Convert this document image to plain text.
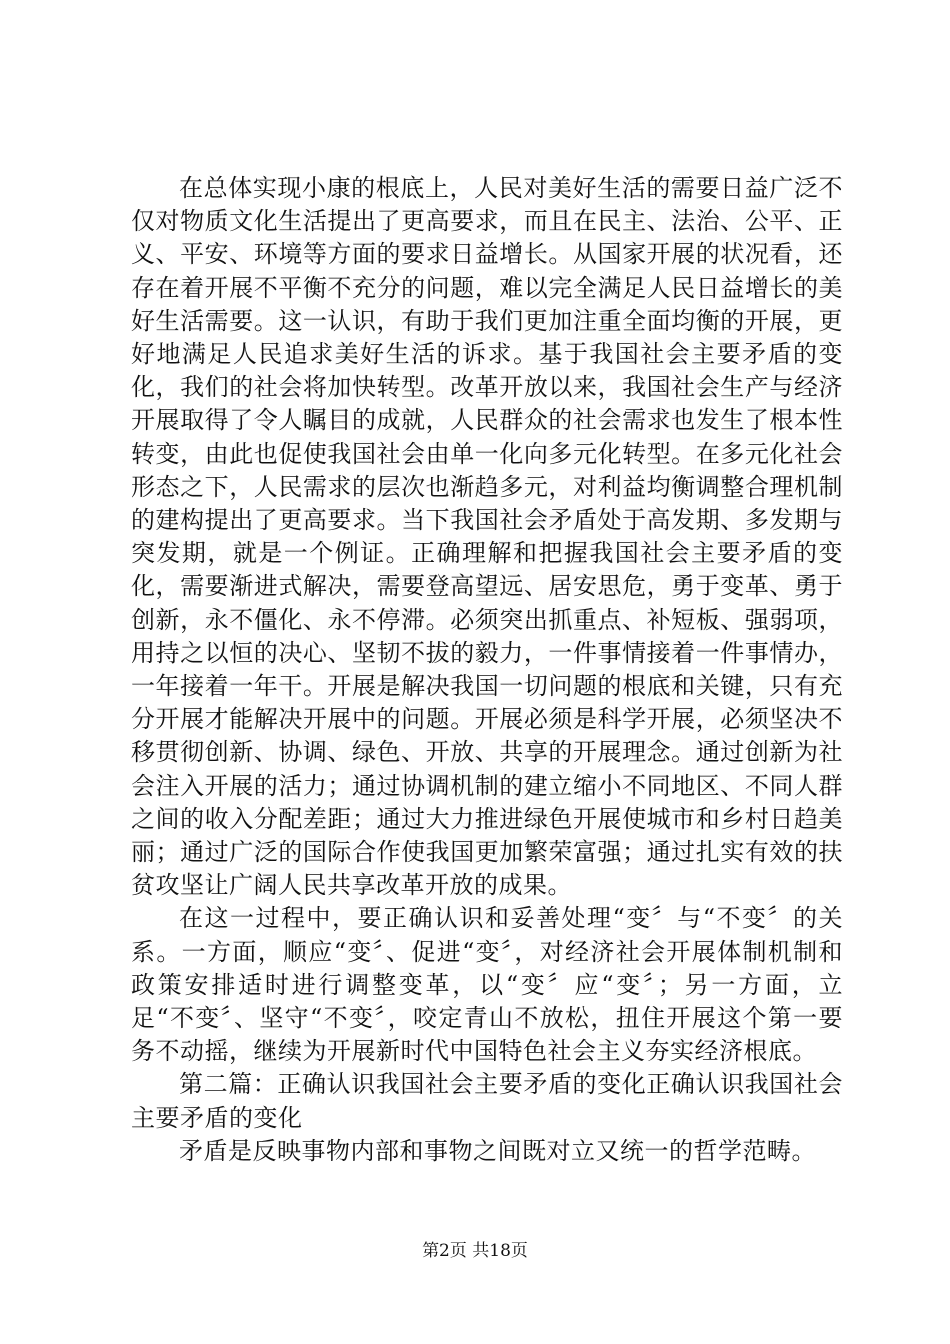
在总体实现小康的根底上，人民对美好生活的需要日益广泛不仅对物质文化生活提出了更高要求，而且在民主、法治、公平、正义、平安、环境等方面的要求日益增长。从国家开展的状况看，还存在着开展不平衡不充分的问题，难以完全满足人民日益增长的美好生活需要。这一认识，有助于我们更加注重全面均衡的开展，更好地满足人民追求美好生活的诉求。基于我国社会主要矛盾的变化，我们的社会将加快转型。改革开放以来，我国社会生产与经济开展取得了令人瞩目的成就，人民群众的社会需求也发生了根本性转变，由此也促使我国社会由单一化向多元化转型。在多元化社会形态之下，人民需求的层次也渐趋多元，对利益均衡调整合理机制的建构提出了更高要求。当下我国社会矛盾处于高发期、多发期与突发期，就是一个例证。正确理解和把握我国社会主要矛盾的变化，需要渐进式解决，需要登高望远、居安思危，勇于变革、勇于创新，永不僵化、永不停滞。必须突出抓重点、补短板、强弱项，用持之以恒的决心、坚韧不拔的毅力，一件事情接着一件事情办，一年接着一年干。开展是解决我国一切问题的根底和关键，只有充分开展才能解决开展中的问题。开展必须是科学开展，必须坚决不移贯彻创新、协调、绿色、开放、共享的开展理念。通过创新为社会注入开展的活力；通过协调机制的建立缩小不同地区、不同人群之间的收入分配差距；通过大力推进绿色开展使城市和乡村日趋美丽；通过广泛的国际合作使我国更加繁荣富强；通过扎实有效的扶贫攻坚让广阔人民共享改革开放的成果。

在这一过程中，要正确认识和妥善处理“变〞与“不变〞的关系。一方面，顺应“变〞、促进“变〞，对经济社会开展体制机制和政策安排适时进行调整变革，以“变〞应“变〞；另一方面，立足“不变〞、坚守“不变〞，咬定青山不放松，扭住开展这个第一要务不动摇，继续为开展新时代中国特色社会主义夯实经济根底。

第二篇：正确认识我国社会主要矛盾的变化正确认识我国社会主要矛盾的变化

矛盾是反映事物内部和事物之间既对立又统一的哲学范畴。

第2页 共18页
